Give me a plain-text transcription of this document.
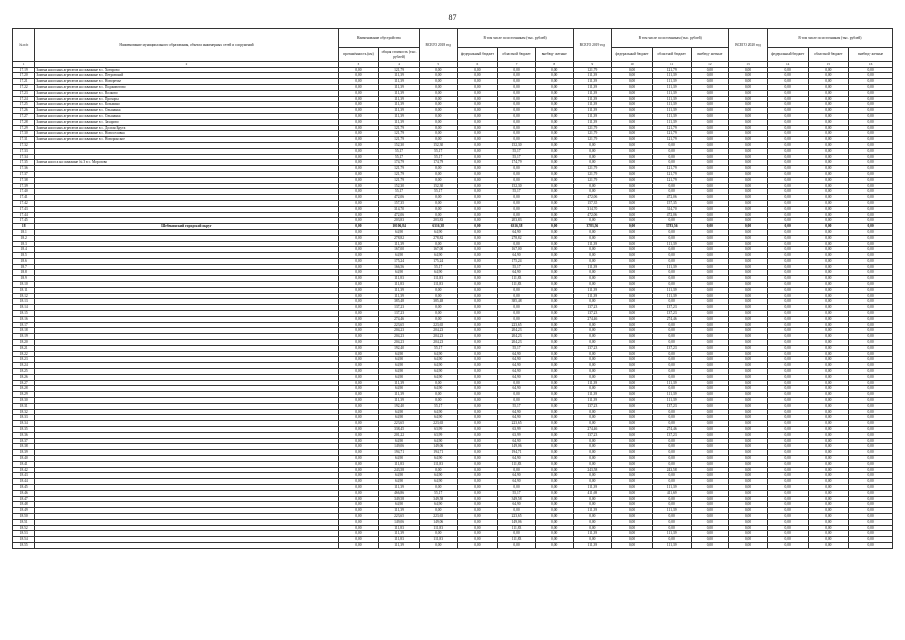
87
№ п/п	Наименование муниципального образования, объекта инженерных сетей и сооружений	Наименование обустройства		ВСЕГО 2018 год	В том числе по источникам (тыс. рублей)			ВСЕГО 2019 год	В том числе по источникам (тыс. рублей)			ВСЕГО 2020 год	В том числе по источникам (тыс. рублей)		
		протяжённость (км)	общая стоимость (тыс. рублей)		федеральный бюджет	областной бюджет	внебюд- жетные		федеральный бюджет	областной бюджет	внебюд- жетные		федеральный бюджет	областной бюджет	внебюд- жетные
1	2	3	4	5	6	7	8	9	10	11	12	13	14	15	16
17.19	Замена насосных агрегатов на скважине в с. Хотирово	0,00	121,79	0,00	0,00	0,00	0,00	121,79	0,00	121,79	0,00	0,00	0,00	0,00	0,00
17.20	Замена насосных агрегатов на скважине в с. Петровский	0,00	111,39	0,00	0,00	0,00	0,00	111,39	0,00	111,39	0,00	0,00	0,00	0,00	0,00
17.21	Замена насосных агрегатов на скважине в с. Новоречье	0,00	111,39	0,00	0,00	0,00	0,00	111,39	0,00	111,39	0,00	0,00	0,00	0,00	0,00
17.22	Замена насосных агрегатов на скважине в с. Подживотово	0,00	111,39	0,00	0,00	0,00	0,00	111,39	0,00	111,39	0,00	0,00	0,00	0,00	0,00
17.23	Замена насосных агрегатов на скважине в с. Волково	0,00	111,39	0,00	0,00	0,00	0,00	111,39	0,00	111,39	0,00	0,00	0,00	0,00	0,00
17.24	Замена насосных агрегатов на скважине в с. Прохоры	0,00	111,39	0,00	0,00	0,00	0,00	111,39	0,00	111,39	0,00	0,00	0,00	0,00	0,00
17.25	Замена насосных агрегатов на скважине в с. Козьмино	0,00	111,39	0,00	0,00	0,00	0,00	111,39	0,00	111,39	0,00	0,00	0,00	0,00	0,00
17.26	Замена насосных агрегатов на скважине в с. Ольшанка	0,00	111,39	0,00	0,00	0,00	0,00	111,39	0,00	111,39	0,00	0,00	0,00	0,00	0,00
17.27	Замена насосных агрегатов на скважине в с. Ольшанка	0,00	111,39	0,00	0,00	0,00	0,00	111,39	0,00	111,39	0,00	0,00	0,00	0,00	0,00
17.28	Замена насосных агрегатов на скважине в с. Захарово	0,00	111,39	0,00	0,00	0,00	0,00	111,39	0,00	111,39	0,00	0,00	0,00	0,00	0,00
17.29	Замена насосных агрегатов на скважине в с. Долгая Брута	0,00	121,79	0,00	0,00	0,00	0,00	121,79	0,00	121,79	0,00	0,00	0,00	0,00	0,00
17.30	Замена насосных агрегатов на скважине в с. Новоселовка	0,00	121,79	0,00	0,00	0,00	0,00	121,79	0,00	121,79	0,00	0,00	0,00	0,00	0,00
17.31	Замена насосных агрегатов на скважине в с. Новоронское	0,00	121,79	0,00	0,00	0,00	0,00	121,79	0,00	121,79	0,00	0,00	0,00	0,00	0,00
17.32		0,00	152,30	152,30	0,00	152,30	0,00	0,00	0,00	0,00	0,00	0,00	0,00	0,00	0,00
17.33		0,00	55,17	55,17	0,00	55,17	0,00	0,00	0,00	0,00	0,00	0,00	0,00	0,00	0,00
17.34		0,00	55,17	55,17	0,00	55,17	0,00	0,00	0,00	0,00	0,00	0,00	0,00	0,00	0,00
17.35	Замена насоса на скважине № 3 в с. Морозово	0,00	174,79	174,79	0,00	174,79	0,00	0,00	0,00	0,00	0,00	0,00	0,00	0,00	0,00
17.36		0,00	121,79	0,00	0,00	0,00	0,00	121,79	0,00	121,79	0,00	0,00	0,00	0,00	0,00
17.37		0,00	121,79	0,00	0,00	0,00	0,00	121,79	0,00	121,79	0,00	0,00	0,00	0,00	0,00
17.38		0,00	121,79	0,00	0,00	0,00	0,00	121,79	0,00	121,79	0,00	0,00	0,00	0,00	0,00
17.39		0,00	152,30	152,30	0,00	152,30	0,00	0,00	0,00	0,00	0,00	0,00	0,00	0,00	0,00
17.40		0,00	55,17	55,17	0,00	55,17	0,00	0,00	0,00	0,00	0,00	0,00	0,00	0,00	0,00
17.41		0,00	472,06	0,00	0,00	0,00	0,00	472,06	0,00	472,06	0,00	0,00	0,00	0,00	0,00
17.42		0,00	157,35	0,00	0,00	0,00	0,00	157,35	0,00	157,35	0,00	0,00	0,00	0,00	0,00
17.43		0,00	314,70	0,00	0,00	0,00	0,00	314,70	0,00	314,70	0,00	0,00	0,00	0,00	0,00
17.44		0,00	472,06	0,00	0,00	0,00	0,00	472,06	0,00	472,06	0,00	0,00	0,00	0,00	0,00
17.45		0,00	203,83	203,83	0,00	203,83	0,00	0,00	0,00	0,00	0,00	0,00	0,00	0,00	0,00
18	Шебекинский городской округ	0,00	10106,84	6316,38	0,00	6316,38	0,00	3783,56	0,00	3783,56	0,00	0,00	0,00	0,00	0,00
18.1		0,00	64,90	64,90	0,00	64,90	0,00	0,00	0,00	0,00	0,00	0,00	0,00	0,00	0,00
18.2		0,00	278,82	278,82	0,00	278,82	0,00	0,00	0,00	0,00	0,00	0,00	0,00	0,00	0,00
18.3		0,00	111,39	0,00	0,00	0,00	0,00	111,39	0,00	111,39	0,00	0,00	0,00	0,00	0,00
18.4		0,00	167,00	167,00	0,00	167,00	0,00	0,00	0,00	0,00	0,00	0,00	0,00	0,00	0,00
18.5		0,00	64,90	64,90	0,00	64,90	0,00	0,00	0,00	0,00	0,00	0,00	0,00	0,00	0,00
18.6		0,00	175,24	175,24	0,00	175,24	0,00	0,00	0,00	0,00	0,00	0,00	0,00	0,00	0,00
18.7		0,00	166,56	55,17	0,00	55,17	0,00	111,39	0,00	111,39	0,00	0,00	0,00	0,00	0,00
18.8		0,00	64,90	64,90	0,00	64,90	0,00	0,00	0,00	0,00	0,00	0,00	0,00	0,00	0,00
18.9		0,00	111,83	111,83	0,00	111,83	0,00	0,00	0,00	0,00	0,00	0,00	0,00	0,00	0,00
18.10		0,00	111,83	111,83	0,00	111,83	0,00	0,00	0,00	0,00	0,00	0,00	0,00	0,00	0,00
18.11		0,00	111,39	0,00	0,00	0,00	0,00	111,39	0,00	111,39	0,00	0,00	0,00	0,00	0,00
18.12		0,00	111,39	0,00	0,00	0,00	0,00	111,39	0,00	111,39	0,00	0,00	0,00	0,00	0,00
18.13		0,00	385,48	385,48	0,00	385,48	0,00	0,00	0,00	0,00	0,00	0,00	0,00	0,00	0,00
18.14		0,00	137,23	0,00	0,00	0,00	0,00	137,23	0,00	137,23	0,00	0,00	0,00	0,00	0,00
18.15		0,00	137,23	0,00	0,00	0,00	0,00	137,23	0,00	137,23	0,00	0,00	0,00	0,00	0,00
18.16		0,00	274,46	0,00	0,00	0,00	0,00	274,46	0,00	274,46	0,00	0,00	0,00	0,00	0,00
18.17		0,00	223,65	223,65	0,00	223,65	0,00	0,00	0,00	0,00	0,00	0,00	0,00	0,00	0,00
18.18		0,00	204,23	204,23	0,00	204,23	0,00	0,00	0,00	0,00	0,00	0,00	0,00	0,00	0,00
18.19		0,00	204,23	204,23	0,00	204,23	0,00	0,00	0,00	0,00	0,00	0,00	0,00	0,00	0,00
18.20		0,00	204,23	204,23	0,00	204,23	0,00	0,00	0,00	0,00	0,00	0,00	0,00	0,00	0,00
18.21		0,00	192,40	55,17	0,00	55,17	0,00	137,23	0,00	137,23	0,00	0,00	0,00	0,00	0,00
18.22		0,00	64,90	64,90	0,00	64,90	0,00	0,00	0,00	0,00	0,00	0,00	0,00	0,00	0,00
18.23		0,00	64,90	64,90	0,00	64,90	0,00	0,00	0,00	0,00	0,00	0,00	0,00	0,00	0,00
18.24		0,00	64,90	64,90	0,00	64,90	0,00	0,00	0,00	0,00	0,00	0,00	0,00	0,00	0,00
18.25		0,00	64,90	64,90	0,00	64,90	0,00	0,00	0,00	0,00	0,00	0,00	0,00	0,00	0,00
18.26		0,00	64,90	64,90	0,00	64,90	0,00	0,00	0,00	0,00	0,00	0,00	0,00	0,00	0,00
18.27		0,00	111,39	0,00	0,00	0,00	0,00	111,39	0,00	111,39	0,00	0,00	0,00	0,00	0,00
18.28		0,00	64,90	64,90	0,00	64,90	0,00	0,00	0,00	0,00	0,00	0,00	0,00	0,00	0,00
18.29		0,00	111,39	0,00	0,00	0,00	0,00	111,39	0,00	111,39	0,00	0,00	0,00	0,00	0,00
18.30		0,00	111,39	0,00	0,00	0,00	0,00	111,39	0,00	111,39	0,00	0,00	0,00	0,00	0,00
18.31		0,00	192,40	55,17	0,00	55,17	0,00	137,23	0,00	137,23	0,00	0,00	0,00	0,00	0,00
18.32		0,00	64,90	64,90	0,00	64,90	0,00	0,00	0,00	0,00	0,00	0,00	0,00	0,00	0,00
18.33		0,00	64,90	64,90	0,00	64,90	0,00	0,00	0,00	0,00	0,00	0,00	0,00	0,00	0,00
18.34		0,00	223,65	223,65	0,00	223,65	0,00	0,00	0,00	0,00	0,00	0,00	0,00	0,00	0,00
18.35		0,00	338,45	63,99	0,00	63,99	0,00	274,46	0,00	274,46	0,00	0,00	0,00	0,00	0,00
18.36		0,00	201,22	63,99	0,00	63,99	0,00	137,23	0,00	137,23	0,00	0,00	0,00	0,00	0,00
18.37		0,00	64,90	64,90	0,00	64,90	0,00	0,00	0,00	0,00	0,00	0,00	0,00	0,00	0,00
18.38		0,00	149,06	149,06	0,00	149,06	0,00	0,00	0,00	0,00	0,00	0,00	0,00	0,00	0,00
18.39		0,00	194,71	194,71	0,00	194,71	0,00	0,00	0,00	0,00	0,00	0,00	0,00	0,00	0,00
18.40		0,00	64,90	64,90	0,00	64,90	0,00	0,00	0,00	0,00	0,00	0,00	0,00	0,00	0,00
18.41		0,00	111,83	111,83	0,00	111,83	0,00	0,00	0,00	0,00	0,00	0,00	0,00	0,00	0,00
18.42		0,00	243,58	0,00	0,00	0,00	0,00	243,58	0,00	243,58	0,00	0,00	0,00	0,00	0,00
18.43		0,00	64,90	64,90	0,00	64,90	0,00	0,00	0,00	0,00	0,00	0,00	0,00	0,00	0,00
18.44		0,00	64,90	64,90	0,00	64,90	0,00	0,00	0,00	0,00	0,00	0,00	0,00	0,00	0,00
18.45		0,00	111,39	0,00	0,00	0,00	0,00	111,39	0,00	111,39	0,00	0,00	0,00	0,00	0,00
18.46		0,00	466,86	55,17	0,00	55,17	0,00	411,69	0,00	411,69	0,00	0,00	0,00	0,00	0,00
18.47		0,00	349,58	349,58	0,00	349,58	0,00	0,00	0,00	0,00	0,00	0,00	0,00	0,00	0,00
18.48		0,00	64,90	64,90	0,00	64,90	0,00	0,00	0,00	0,00	0,00	0,00	0,00	0,00	0,00
18.49		0,00	111,39	0,00	0,00	0,00	0,00	111,39	0,00	111,39	0,00	0,00	0,00	0,00	0,00
18.50		0,00	223,65	223,65	0,00	223,65	0,00	0,00	0,00	0,00	0,00	0,00	0,00	0,00	0,00
18.51		0,00	149,06	149,06	0,00	149,06	0,00	0,00	0,00	0,00	0,00	0,00	0,00	0,00	0,00
18.52		0,00	111,83	111,83	0,00	111,83	0,00	0,00	0,00	0,00	0,00	0,00	0,00	0,00	0,00
18.53		0,00	111,39	0,00	0,00	0,00	0,00	111,39	0,00	111,39	0,00	0,00	0,00	0,00	0,00
18.54		0,00	111,83	111,83	0,00	111,83	0,00	0,00	0,00	0,00	0,00	0,00	0,00	0,00	0,00
18.55		0,00	111,39	0,00	0,00	0,00	0,00	111,39	0,00	111,39	0,00	0,00	0,00	0,00	0,00
